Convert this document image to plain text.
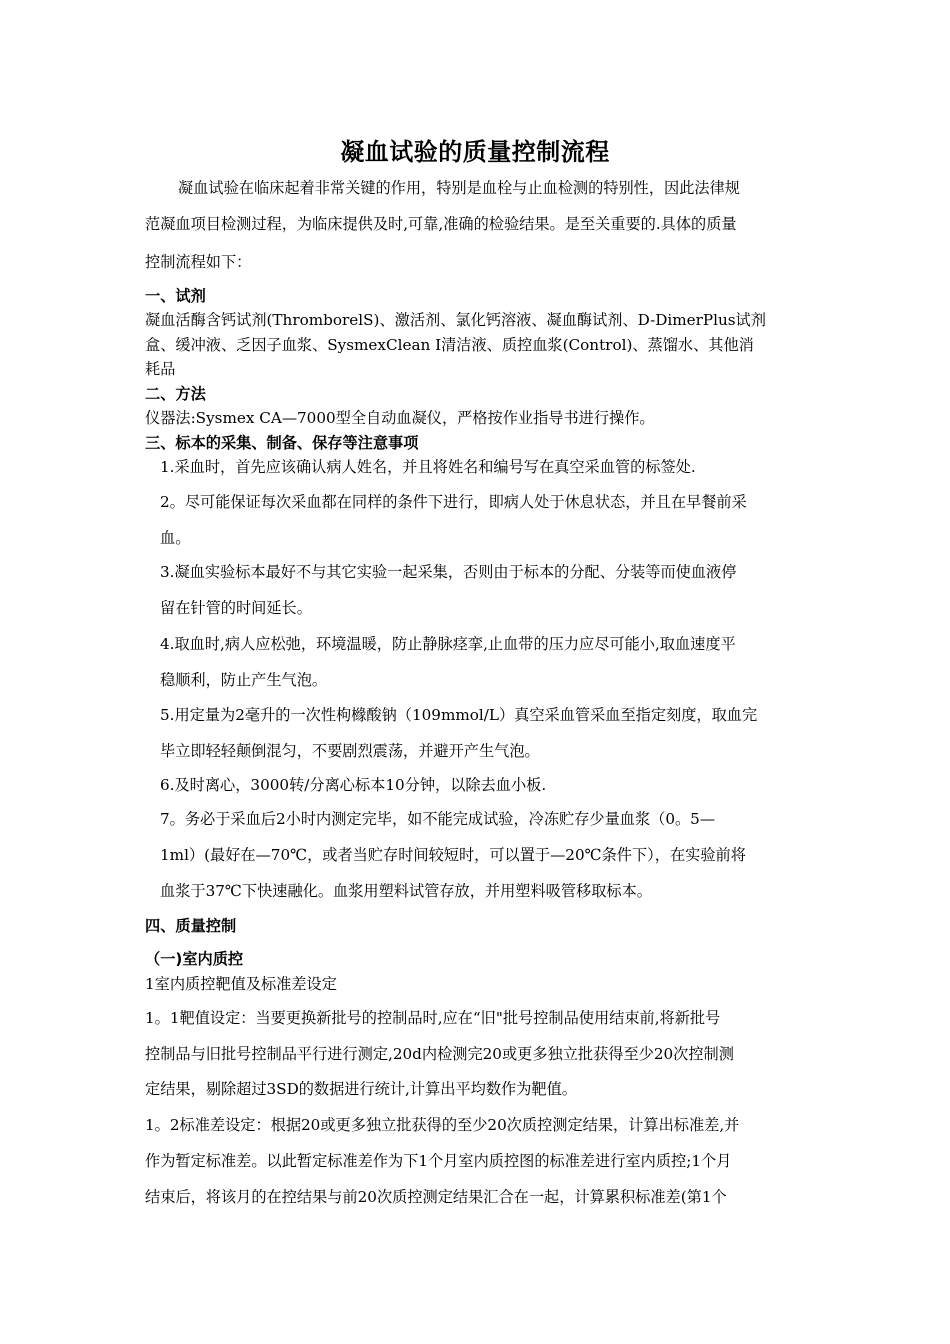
凝血试验的质量控制流程
凝血试验在临床起着非常关键的作用，特别是血栓与止血检测的特别性，因此法律规
范凝血项目检测过程，为临床提供及时,可靠,准确的检验结果。是至关重要的.具体的质量
控制流程如下：
一、试剂
凝血活酶含钙试剂(ThromborelS)、激活剂、氯化钙溶液、凝血酶试剂、D-DimerPlus试剂
盒、缓冲液、乏因子血浆、SysmexClean Ⅰ清洁液、质控血浆(Control)、蒸馏水、其他消
耗品
二、方法
仪器法:Sysmex CA—7000型全自动血凝仪，严格按作业指导书进行操作。
三、标本的采集、制备、保存等注意事项
1.采血时，首先应该确认病人姓名，并且将姓名和编号写在真空采血管的标签处.
2。尽可能保证每次采血都在同样的条件下进行，即病人处于休息状态，并且在早餐前采
血。
3.凝血实验标本最好不与其它实验一起采集，否则由于标本的分配、分装等而使血液停
留在针管的时间延长。
4.取血时,病人应松弛，环境温暖，防止静脉痉挛,止血带的压力应尽可能小,取血速度平
稳顺利，防止产生气泡。
5.用定量为2毫升的一次性枸橼酸钠（109mmol/L）真空采血管采血至指定刻度，取血完
毕立即轻轻颠倒混匀，不要剧烈震荡，并避开产生气泡。
6.及时离心，3000转/分离心标本10分钟，以除去血小板.
7。务必于采血后2小时内测定完毕，如不能完成试验，冷冻贮存少量血浆（0。5—
1ml）(最好在—70℃，或者当贮存时间较短时，可以置于—20℃条件下），在实验前将
血浆于37℃下快速融化。血浆用塑料试管存放，并用塑料吸管移取标本。
四、质量控制
（一)室内质控
1室内质控靶值及标准差设定
1。1靶值设定：当要更换新批号的控制品时,应在“旧"批号控制品使用结束前,将新批号
控制品与旧批号控制品平行进行测定,20d内检测完20或更多独立批获得至少20次控制测
定结果，剔除超过3SD的数据进行统计,计算出平均数作为靶值。
1。2标准差设定：根据20或更多独立批获得的至少20次质控测定结果，计算出标准差,并
作为暂定标准差。以此暂定标准差作为下1个月室内质控图的标准差进行室内质控;1个月
结束后，将该月的在控结果与前20次质控测定结果汇合在一起，计算累积标准差(第1个
